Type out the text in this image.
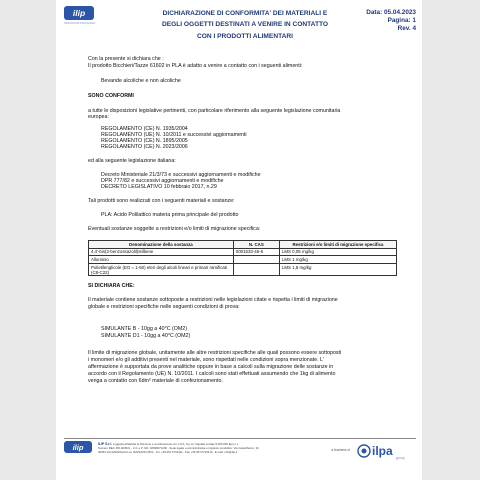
ilip
INNOVATIVE PACKAGING
DICHIARAZIONE DI CONFORMITA' DEI MATERIALI E
DEGLI OGGETTI DESTINATI A VENIRE IN CONTATTO
CON I PRODOTTI ALIMENTARI
Data: 05.04.2023
Pagina: 1
Rev. 4
Con la presente si dichiara che :
Il prodotto Bicchieri/Tazze 61602 in PLA è adatto a venire a contatto con i seguenti alimenti:
Bevande alcoliche e non alcoliche
SONO CONFORMI
a tutte le disposizioni legislative pertinenti, con particolare riferimento alla seguente legislazione comunitaria
europea:
REGOLAMENTO (CE) N. 1935/2004
REGOLAMENTO (UE) N. 10/2011 e successivi aggiornamenti
REGOLAMENTO (CE) N. 1895/2005
REGOLAMENTO (CE) N. 2023/2006
ed alla seguente legislazione italiana:
Decreto Ministeriale 21/3/73 e successivi aggiornamenti e modifiche
DPR 777/82 e successivi aggiornamenti e modifiche
DECRETO LEGISLATIVO 10 febbraio 2017, n.29
Tali prodotti sono realizzati con i seguenti materiali e sostanze:
PLA: Acido Polilattico materia prima principale del prodotto
Eventuali sostanze soggette a restrizioni e/o limiti di migrazione specifica:
Denominazione della sostanza	N. CAS	Restrizioni e/o limiti di migrazione specifica
4,4'-bis(2-benzossazolil)stilbene	0001533-45-5	LMS 0,05 mg/kg
Alluminio		LMS 1 mg/kg
Polietilenglicole (EO = 1-50) eteri degli alcoli lineari e primari ramificati (C8-C22)		LMS 1,8 mg/kg
SI DICHIARA CHE:
Il materiale contiene sostanze sottoposte a restrizioni nelle legislazioni citate e rispetta i limiti di migrazione
globale e restrizioni specifiche nelle seguenti condizioni di prova:
SIMULANTE B - 10gg a 40°C (OM2)
SIMULANTE D1 - 10gg a 40°C (OM2)
Il limite di migrazione globale, unitamente alle altre restrizioni specifiche alle quali possono essere sottoposti
i monomeri e/o gli additivi presenti nel materiale, sono rispettati nelle condizioni sopra menzionate. L'
affermazione è supportata da prove analitiche oppure in base a calcoli sulla migrazione delle sostanze in
accordo con il Regolamento (UE) N. 10/2011. I calcoli sono stati effettuati assumendo che 1kg di alimento
venga a contatto con 6dm² materiale di confezionamento.
ilip	ILIP S.r.l. soggetta all'attività di direzione e coordinamento di I.L.P.A. S.p.A | Capitale sociale 5.000.000 Euro i.v.
Numero REA: BO-924521 - C.F. e P. IVA: 02696071200 - Sede legale e amministrativa e impianto produttivo: Via Castelfranco, 32
40053 VALSAMOGGIA Loc. BAZZANO (BO) - Tel. +39 051 6715411 - Fax +39 051 6715413 - E-mail: info@ilip.it	a business of ilpa group
